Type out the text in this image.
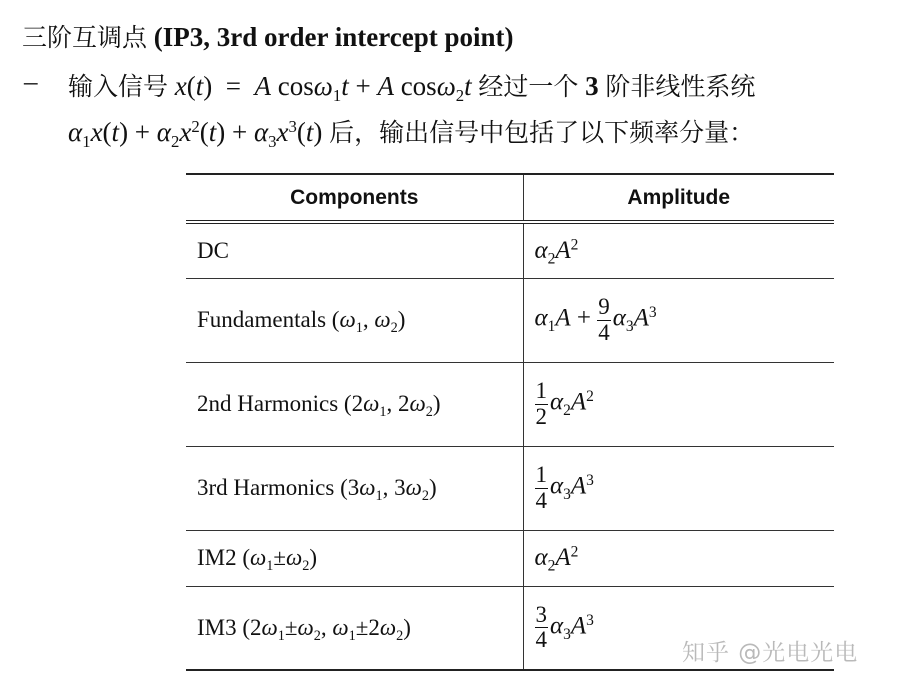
三阶互调点 (IP3, 3rd order intercept point)
– 输入信号 x(t)  =  A cosω$_1$t + A cosω$_2$t 经过一个 3 阶非线性系统
$\alpha_1x(t) + \alpha_2x^2(t) + \alpha_3x^3(t)$ 后，输出信号中包括了以下频率分量：
Components	Amplitude
DC	$\alpha_2A^2$
Fundamentals ($\omega_1$, $\omega_2$)	$\alpha_1A + \frac{9}{4} \alpha_3A^3$
2nd Harmonics ($2\omega_1$, $2\omega_2$)	$\frac{1}{2} \alpha_2A^2$
3rd Harmonics ($3\omega_1$, $3\omega_2$)	$\frac{1}{4} \alpha_3A^3$
IM2 $(\omega_1\pm\omega_2)$	$\alpha_2A^2$
IM3 ($2\omega_1\pm\omega_2$, $\omega_1\pm 2\omega_2$)	$\frac{3}{4} \alpha_3A^3$
知乎 @光电光电
